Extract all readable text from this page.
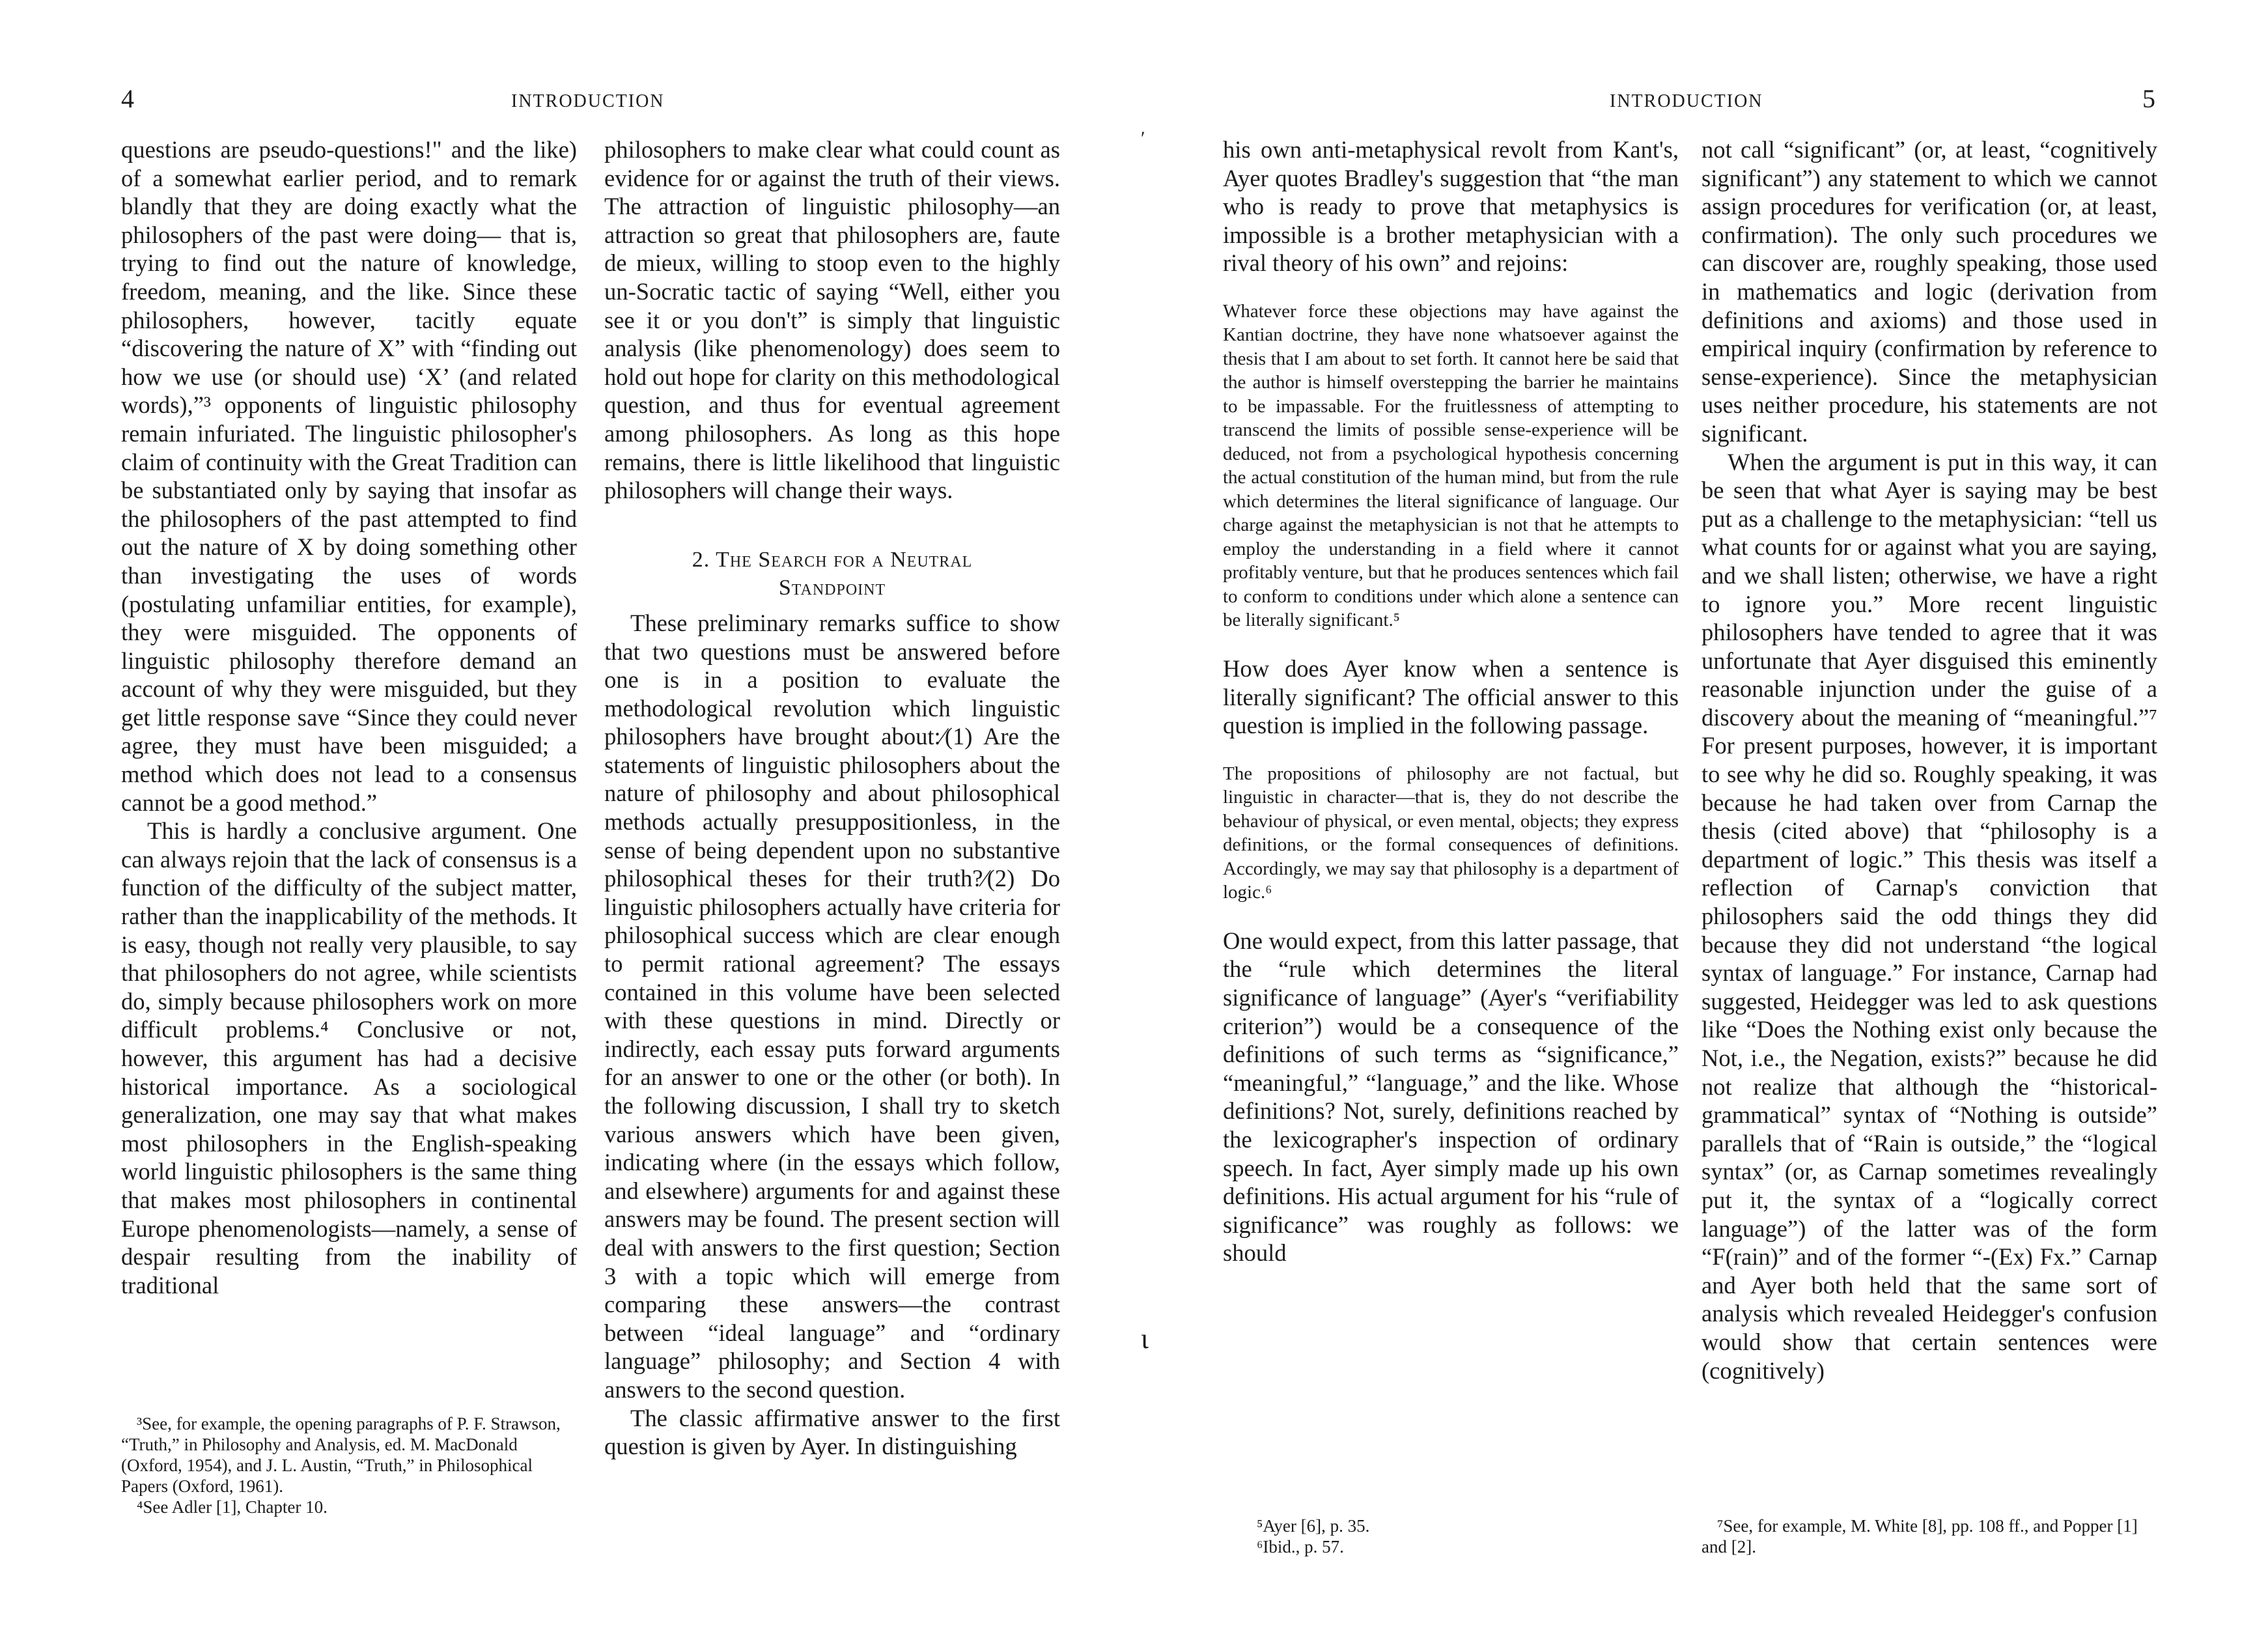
4	INTRODUCTION

questions are pseudo-questions!" and the like) of a somewhat earlier period, and to remark blandly that they are doing exactly what the philosophers of the past were doing— that is, trying to find out the nature of knowledge, freedom, meaning, and the like. Since these philosophers, however, tacitly equate “discovering the nature of X” with “finding out how we use (or should use) ‘X’ (and related words),”³ opponents of linguistic philosophy remain infuriated. The linguistic philosopher's claim of continuity with the Great Tradition can be substantiated only by saying that insofar as the philosophers of the past attempted to find out the nature of X by doing something other than investigating the uses of words (postulating unfamiliar entities, for example), they were misguided. The opponents of linguistic philosophy therefore demand an account of why they were misguided, but they get little response save “Since they could never agree, they must have been misguided; a method which does not lead to a consensus cannot be a good method.”

This is hardly a conclusive argument. One can always rejoin that the lack of consensus is a function of the difficulty of the subject matter, rather than the inapplicability of the methods. It is easy, though not really very plausible, to say that philosophers do not agree, while scientists do, simply because philosophers work on more difficult problems.⁴ Conclusive or not, however, this argument has had a decisive historical importance. As a sociological generalization, one may say that what makes most philosophers in the English-speaking world linguistic philosophers is the same thing that makes most philosophers in continental Europe phenomenologists—namely, a sense of despair resulting from the inability of traditional

³See, for example, the opening paragraphs of P. F. Strawson, “Truth,” in Philosophy and Analysis, ed. M. MacDonald (Oxford, 1954), and J. L. Austin, “Truth,” in Philosophical Papers (Oxford, 1961).

⁴See Adler [1], Chapter 10.

philosophers to make clear what could count as evidence for or against the truth of their views. The attraction of linguistic philosophy—an attraction so great that philosophers are, faute de mieux, willing to stoop even to the highly un-Socratic tactic of saying “Well, either you see it or you don't” is simply that linguistic analysis (like phenomenology) does seem to hold out hope for clarity on this methodological question, and thus for eventual agreement among philosophers. As long as this hope remains, there is little likelihood that linguistic philosophers will change their ways.

2. The Search for a Neutral
Standpoint

These preliminary remarks suffice to show that two questions must be answered before one is in a position to evaluate the methodological revolution which linguistic philosophers have brought about:⁄(1) Are the statements of linguistic philosophers about the nature of philosophy and about philosophical methods actually presuppositionless, in the sense of being dependent upon no substantive philosophical theses for their truth?⁄(2) Do linguistic philosophers actually have criteria for philosophical success which are clear enough to permit rational agreement? The essays contained in this volume have been selected with these questions in mind. Directly or indirectly, each essay puts forward arguments for an answer to one or the other (or both). In the following discussion, I shall try to sketch various answers which have been given, indicating where (in the essays which follow, and elsewhere) arguments for and against these answers may be found. The present section will deal with answers to the first question; Section 3 with a topic which will emerge from comparing these answers—the contrast between “ideal language” and “ordinary language” philosophy; and Section 4 with answers to the second question.

The classic affirmative answer to the first question is given by Ayer. In distinguishing

INTRODUCTION	5
′
ɩ

his own anti-metaphysical revolt from Kant's, Ayer quotes Bradley's suggestion that “the man who is ready to prove that metaphysics is impossible is a brother metaphysician with a rival theory of his own” and rejoins:

Whatever force these objections may have against the Kantian doctrine, they have none whatsoever against the thesis that I am about to set forth. It cannot here be said that the author is himself overstepping the barrier he maintains to be impassable. For the fruitlessness of attempting to transcend the limits of possible sense-experience will be deduced, not from a psychological hypothesis concerning the actual constitution of the human mind, but from the rule which determines the literal significance of language. Our charge against the metaphysician is not that he attempts to employ the understanding in a field where it cannot profitably venture, but that he produces sentences which fail to conform to conditions under which alone a sentence can be literally significant.⁵

How does Ayer know when a sentence is literally significant? The official answer to this question is implied in the following passage.

The propositions of philosophy are not factual, but linguistic in character—that is, they do not describe the behaviour of physical, or even mental, objects; they express definitions, or the formal consequences of definitions. Accordingly, we may say that philosophy is a department of logic.⁶

One would expect, from this latter passage, that the “rule which determines the literal significance of language” (Ayer's “verifiability criterion”) would be a consequence of the definitions of such terms as “significance,” “meaningful,” “language,” and the like. Whose definitions? Not, surely, definitions reached by the lexicographer's inspection of ordinary speech. In fact, Ayer simply made up his own definitions. His actual argument for his “rule of significance” was roughly as follows: we should

⁵Ayer [6], p. 35.

⁶Ibid., p. 57.

not call “significant” (or, at least, “cognitively significant”) any statement to which we cannot assign procedures for verification (or, at least, confirmation). The only such procedures we can discover are, roughly speaking, those used in mathematics and logic (derivation from definitions and axioms) and those used in empirical inquiry (confirmation by reference to sense-experience). Since the metaphysician uses neither procedure, his statements are not significant.

When the argument is put in this way, it can be seen that what Ayer is saying may be best put as a challenge to the metaphysician: “tell us what counts for or against what you are saying, and we shall listen; otherwise, we have a right to ignore you.” More recent linguistic philosophers have tended to agree that it was unfortunate that Ayer disguised this eminently reasonable injunction under the guise of a discovery about the meaning of “meaningful.”⁷ For present purposes, however, it is important to see why he did so. Roughly speaking, it was because he had taken over from Carnap the thesis (cited above) that “philosophy is a department of logic.” This thesis was itself a reflection of Carnap's conviction that philosophers said the odd things they did because they did not understand “the logical syntax of language.” For instance, Carnap had suggested, Heidegger was led to ask questions like “Does the Nothing exist only because the Not, i.e., the Negation, exists?” because he did not realize that although the “historical-grammatical” syntax of “Nothing is outside” parallels that of “Rain is outside,” the “logical syntax” (or, as Carnap sometimes revealingly put it, the syntax of a “logically correct language”) of the latter was of the form “F(rain)” and of the former “-(Ex) Fx.” Carnap and Ayer both held that the same sort of analysis which revealed Heidegger's confusion would show that certain sentences were (cognitively)

⁷See, for example, M. White [8], pp. 108 ff., and Popper [1] and [2].
